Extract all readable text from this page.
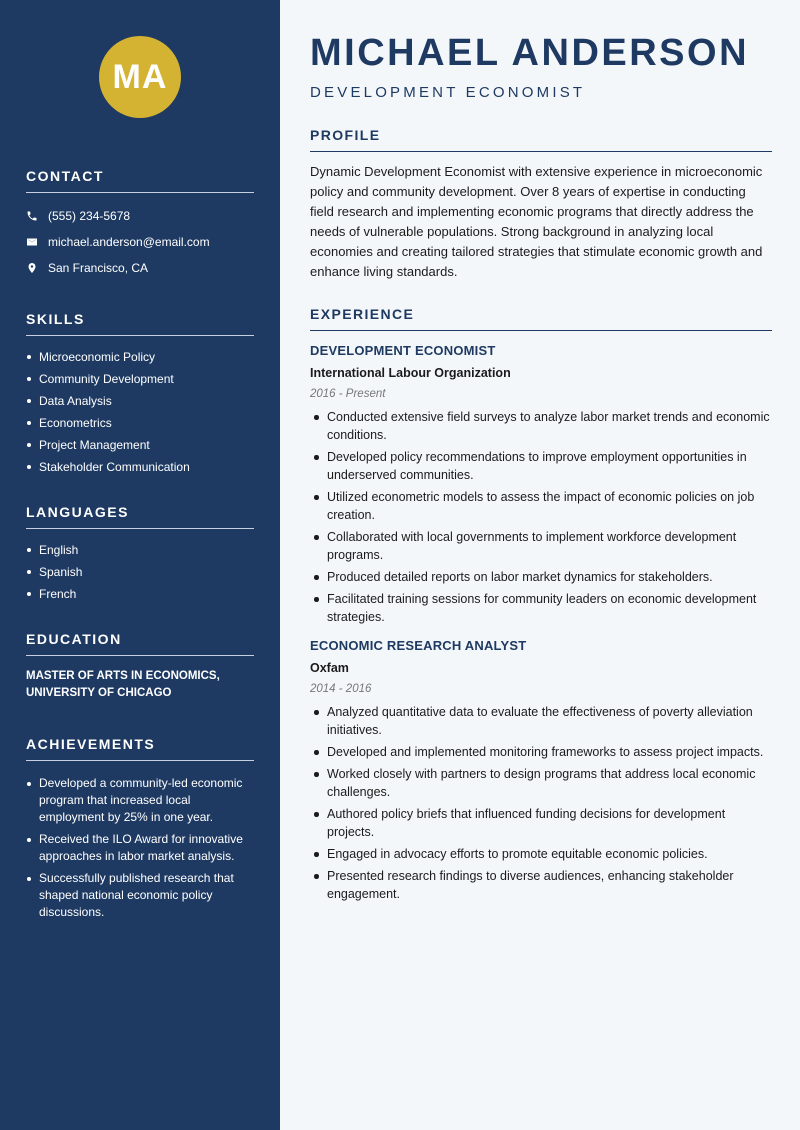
MA
CONTACT
(555) 234-5678
michael.anderson@email.com
San Francisco, CA
SKILLS
Microeconomic Policy
Community Development
Data Analysis
Econometrics
Project Management
Stakeholder Communication
LANGUAGES
English
Spanish
French
EDUCATION
MASTER OF ARTS IN ECONOMICS, UNIVERSITY OF CHICAGO
ACHIEVEMENTS
Developed a community-led economic program that increased local employment by 25% in one year.
Received the ILO Award for innovative approaches in labor market analysis.
Successfully published research that shaped national economic policy discussions.
MICHAEL ANDERSON
DEVELOPMENT ECONOMIST
PROFILE

Dynamic Development Economist with extensive experience in microeconomic policy and community development. Over 8 years of expertise in conducting field research and implementing economic programs that directly address the needs of vulnerable populations. Strong background in analyzing local economies and creating tailored strategies that stimulate economic growth and enhance living standards.

EXPERIENCE
DEVELOPMENT ECONOMIST
International Labour Organization
2016 - Present
Conducted extensive field surveys to analyze labor market trends and economic conditions.
Developed policy recommendations to improve employment opportunities in underserved communities.
Utilized econometric models to assess the impact of economic policies on job creation.
Collaborated with local governments to implement workforce development programs.
Produced detailed reports on labor market dynamics for stakeholders.
Facilitated training sessions for community leaders on economic development strategies.
ECONOMIC RESEARCH ANALYST
Oxfam
2014 - 2016
Analyzed quantitative data to evaluate the effectiveness of poverty alleviation initiatives.
Developed and implemented monitoring frameworks to assess project impacts.
Worked closely with partners to design programs that address local economic challenges.
Authored policy briefs that influenced funding decisions for development projects.
Engaged in advocacy efforts to promote equitable economic policies.
Presented research findings to diverse audiences, enhancing stakeholder engagement.
